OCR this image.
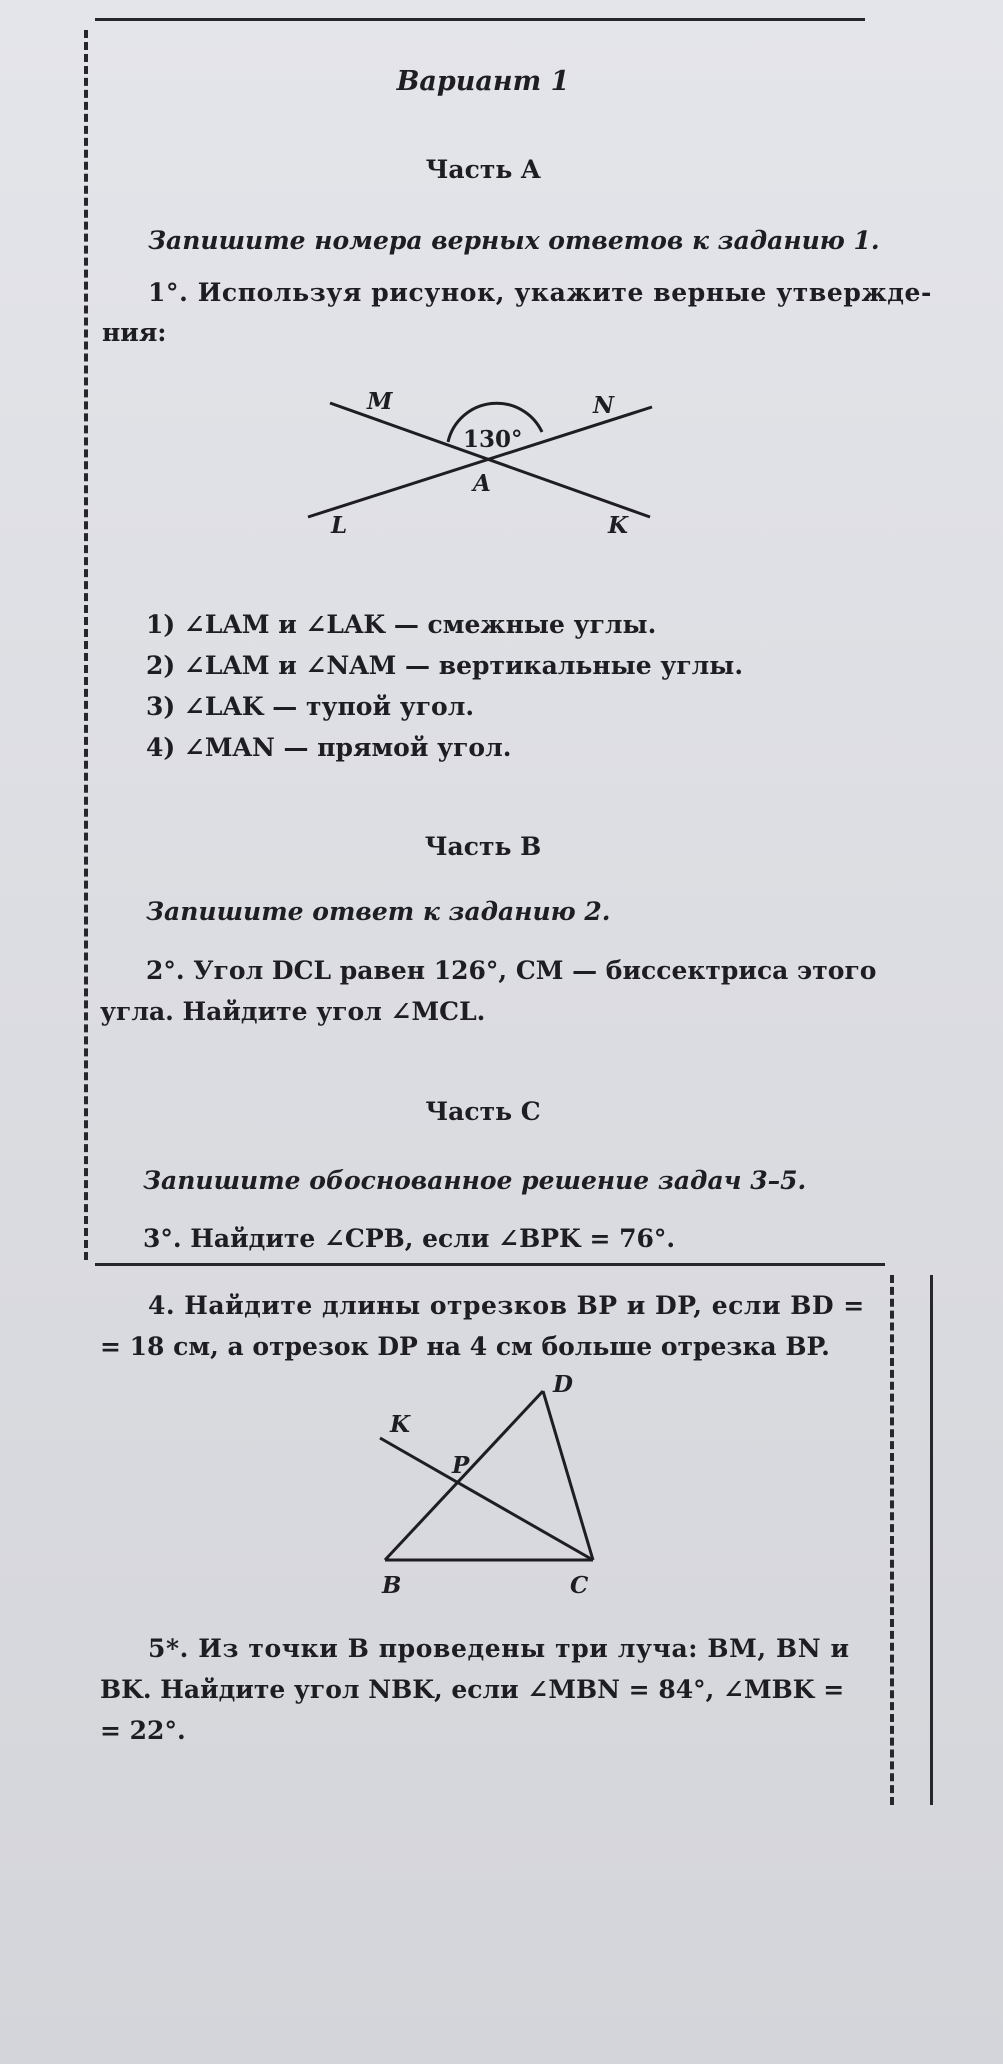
Вариант 1

Часть A

Запишите номера верных ответов к заданию 1.

1°. Используя рисунок, укажите верные утвержде-

ния:

M	N
130°
A
L	K

1) ∠LAM и ∠LAK — смежные углы.

2) ∠LAM и ∠NAM — вертикальные углы.

3) ∠LAK — тупой угол.

4) ∠MAN — прямой угол.

Часть B

Запишите ответ к заданию 2.

2°. Угол DCL равен 126°, CM — биссектриса этого

угла. Найдите угол ∠MCL.

Часть C

Запишите обоснованное решение задач 3–5.

3°. Найдите ∠CPB, если ∠BPK = 76°.

4. Найдите длины отрезков BP и DP, если BD =

= 18 см, а отрезок DP на 4 см больше отрезка BP.

D
K
P
B	C

5*. Из точки B проведены три луча: BM, BN и

BK. Найдите угол NBK, если ∠MBN = 84°, ∠MBK =

= 22°.
